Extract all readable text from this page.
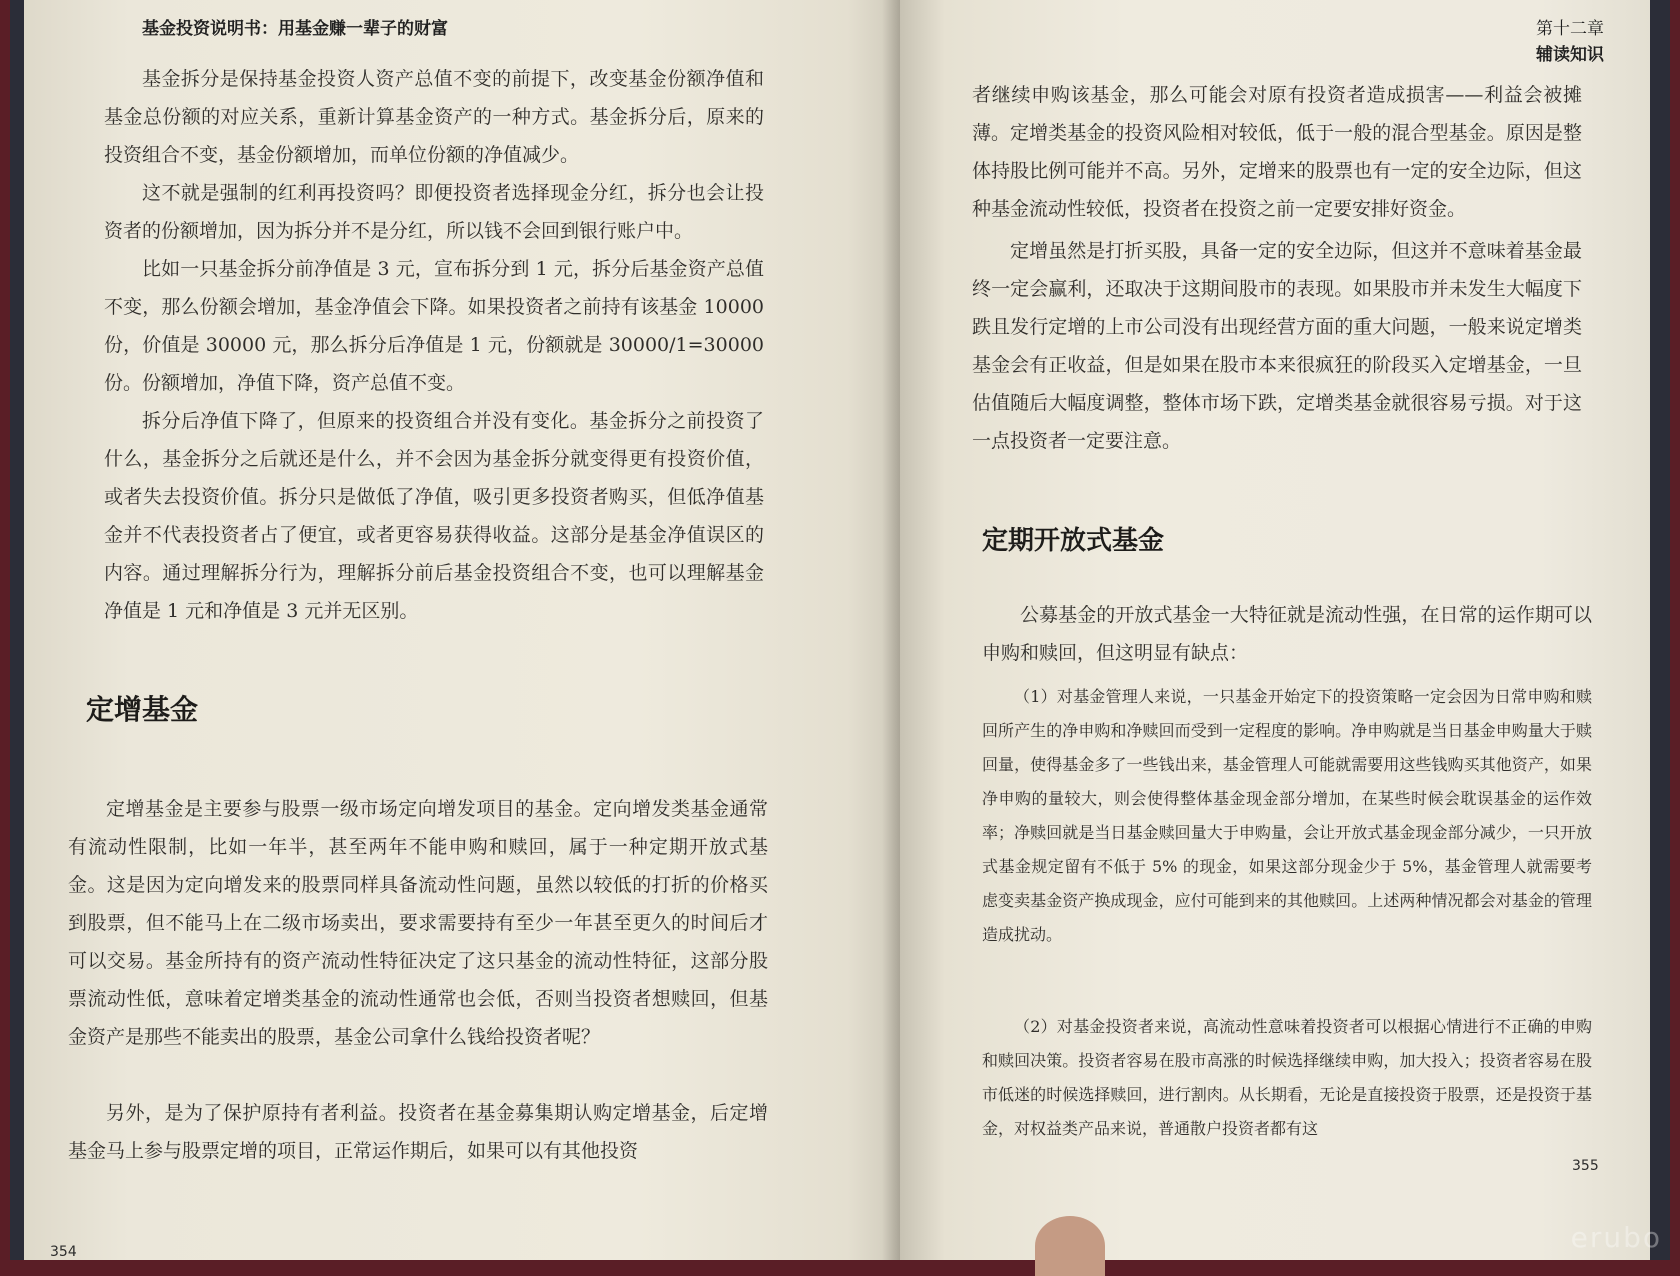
基金投资说明书：用基金赚一辈子的财富

基金拆分是保持基金投资人资产总值不变的前提下，改变基金份额净值和基金总份额的对应关系，重新计算基金资产的一种方式。基金拆分后，原来的投资组合不变，基金份额增加，而单位份额的净值减少。

这不就是强制的红利再投资吗？即便投资者选择现金分红，拆分也会让投资者的份额增加，因为拆分并不是分红，所以钱不会回到银行账户中。

比如一只基金拆分前净值是 3 元，宣布拆分到 1 元，拆分后基金资产总值不变，那么份额会增加，基金净值会下降。如果投资者之前持有该基金 10000 份，价值是 30000 元，那么拆分后净值是 1 元，份额就是 30000/1=30000 份。份额增加，净值下降，资产总值不变。

拆分后净值下降了，但原来的投资组合并没有变化。基金拆分之前投资了什么，基金拆分之后就还是什么，并不会因为基金拆分就变得更有投资价值，或者失去投资价值。拆分只是做低了净值，吸引更多投资者购买，但低净值基金并不代表投资者占了便宜，或者更容易获得收益。这部分是基金净值误区的内容。通过理解拆分行为，理解拆分前后基金投资组合不变，也可以理解基金净值是 1 元和净值是 3 元并无区别。

定增基金

定增基金是主要参与股票一级市场定向增发项目的基金。定向增发类基金通常有流动性限制，比如一年半，甚至两年不能申购和赎回，属于一种定期开放式基金。这是因为定向增发来的股票同样具备流动性问题，虽然以较低的打折的价格买到股票，但不能马上在二级市场卖出，要求需要持有至少一年甚至更久的时间后才可以交易。基金所持有的资产流动性特征决定了这只基金的流动性特征，这部分股票流动性低，意味着定增类基金的流动性通常也会低，否则当投资者想赎回，但基金资产是那些不能卖出的股票，基金公司拿什么钱给投资者呢？

另外，是为了保护原持有者利益。投资者在基金募集期认购定增基金，后定增基金马上参与股票定增的项目，正常运作期后，如果可以有其他投资

354
第十二章
辅读知识

者继续申购该基金，那么可能会对原有投资者造成损害——利益会被摊薄。 定增类基金的投资风险相对较低，低于一般的混合型基金。原因是整体持股比例可能并不高。另外，定增来的股票也有一定的安全边际，但这种基金流动性较低，投资者在投资之前一定要安排好资金。

定增虽然是打折买股，具备一定的安全边际，但这并不意味着基金最终一定会赢利，还取决于这期间股市的表现。如果股市并未发生大幅度下跌且发行定增的上市公司没有出现经营方面的重大问题，一般来说定增类基金会有正收益，但是如果在股市本来很疯狂的阶段买入定增基金，一旦估值随后大幅度调整，整体市场下跌，定增类基金就很容易亏损。对于这一点投资者一定要注意。

定期开放式基金

公募基金的开放式基金一大特征就是流动性强，在日常的运作期可以申购和赎回，但这明显有缺点：

（1）对基金管理人来说，一只基金开始定下的投资策略一定会因为日常申购和赎回所产生的净申购和净赎回而受到一定程度的影响。净申购就是当日基金申购量大于赎回量，使得基金多了一些钱出来，基金管理人可能就需要用这些钱购买其他资产，如果净申购的量较大，则会使得整体基金现金部分增加，在某些时候会耽误基金的运作效率；净赎回就是当日基金赎回量大于申购量，会让开放式基金现金部分减少，一只开放式基金规定留有不低于 5% 的现金，如果这部分现金少于 5%，基金管理人就需要考虑变卖基金资产换成现金，应付可能到来的其他赎回。上述两种情况都会对基金的管理造成扰动。

（2）对基金投资者来说，高流动性意味着投资者可以根据心情进行不正确的申购和赎回决策。投资者容易在股市高涨的时候选择继续申购，加大投入；投资者容易在股市低迷的时候选择赎回，进行割肉。从长期看，无论是直接投资于股票，还是投资于基金，对权益类产品来说，普通散户投资者都有这

355
erubo
